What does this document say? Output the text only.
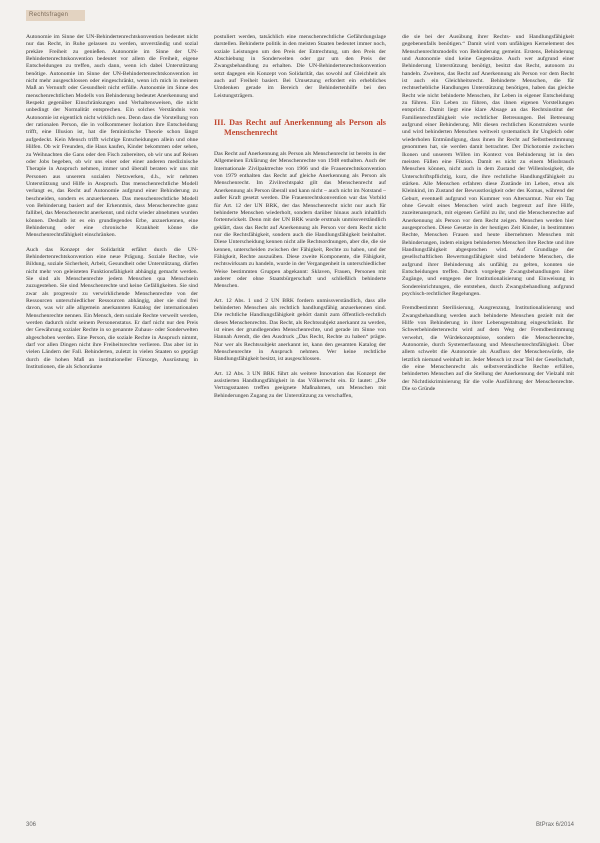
Rechtsfragen

Autonomie im Sinne der UN-Behindertenrechtskonvention bedeutet nicht nur das Recht, in Ruhe gelassen zu werden, unverständig und sozial prekäre Freiheit zu genießen. Autonomie im Sinne der UN-Behindertenrechtskonvention bedeutet vor allem die Freiheit, eigene Entscheidungen zu treffen, auch dann, wenn ich dabei Unterstützung benötige. Autonomie im Sinne der UN-Behindertenrechtskonvention ist nicht mehr ausgeschlossen oder eingeschränkt, wenn ich mich in meinem Maß an Vernunft oder Gesundheit nicht erfülle. Autonomie im Sinne des menschenrechtlichen Modells von Behinderung bedeutet Anerkennung und Respekt gegenüber Einschränkungen und Verhaltensweisen, die nicht unbedingt der Normalität entsprechen. Ein solches Verständnis von Autonomie ist eigentlich nicht wirklich neu. Denn dass die Vorstellung von der rationalen Person, die in vollkommener Isolation ihre Entscheidung trifft, eine Illusion ist, hat die feministische Theorie schon längst aufgedeckt. Kein Mensch trifft wichtige Entscheidungen allein und ohne Hilfen. Ob wir Freunden, die Haus kaufen, Kinder bekommen oder sehen, zu Weihnachten die Gans oder den Fisch zubereiten, ob wir uns auf Reisen oder Jobs begeben, ob wir uns einer oder einer anderen medizinische Therapie in Anspruch nehmen, immer und überall beraten wir uns mit Personen aus unserem sozialen Netzwerken, d.h., wir nehmen Unterstützung und Hilfe in Anspruch. Das menschenrechtliche Modell verlangt es, das Recht auf Autonomie aufgrund einer Behinderung zu beschneiden, sondern es anzuerkennen. Das menschenrechtliche Modell von Behinderung basiert auf der Erkenntnis, dass Menschenrechte ganz fallibel, das Menschenrecht anerkennt, und nicht wieder abnehmen wurden können. Deshalb ist es ein grundlegendes Erbe, anzuerkennen, eine Behinderung oder eine chronische Krankheit könne die Menschenrechtsfähigkeit einschränken.

Auch das Konzept der Solidarität erfährt durch die UN-Behindertenrechtskonvention eine neue Prägung. Soziale Rechte, wie Bildung, soziale Sicherheit, Arbeit, Gesundheit oder Unterstützung, dürfen nicht mehr von geleisteten Funktionsfähigkeit abhängig gemacht werden. Sie sind als Menschenrechte jedem Menschen qua Menschsein zuzugestehen. Sie sind Menschenrechte und keine Gefälligkeiten. Sie sind zwar als progressiv zu verwirklichende Menschenrechte von der Ressourcen unterschiedlicher Ressourcen abhängig, aber sie sind frei davon, was wir alle allgemein anerkannten Katalog der internationalen Menschenrechte nennen. Ein Mensch, dem soziale Rechte verweilt werden, werden dadurch nicht seinem Personenstatus. Er darf nicht nur den Preis der Gewährung sozialer Rechte in so genannte Zuhaus- oder Sonderwelten abgeschoben werden. Eine Person, die soziale Rechte in Anspruch nimmt, darf vor allen Dingen nicht ihre Freiheitsrechte verlieren. Das aber ist in vielen Ländern der Fall. Behinderten, zuletzt in vielen Staaten so geprägt durch die hohen Maß an institutioneller Fürsorge, Ausrüstung in Institutionen, die als Schonräume

postuliert werden, tatsächlich eine menschenrechtliche Gefährdungslage darstellen. Behinderte politik in den meisten Staaten bedeutet immer noch, soziale Leistungen um den Preis der Entrechtung, um den Preis der Abschiebung in Sonderwelten oder gar um den Preis der Zwangsbehandlung zu erhalten. Die UN-Behindertenrechtskonvention setzt dagegen ein Konzept von Solidarität, das sowohl auf Gleichheit als auch auf Freiheit basiert. Bei Umsetzung erfordert ein erhebliches Umdenken gerade im Bereich der Behindertenhilfe bei den Leistungsträgern.

III. Das Recht auf Anerkennung als Person als Menschenrecht

Das Recht auf Anerkennung als Person als Menschenrecht ist bereits in der Allgemeinen Erklärung der Menschenrechte von 1948 enthalten. Auch der Internationale Zivilpaktrechte von 1966 und die Frauenrechtskonvention von 1979 enthalten das Recht auf gleiche Anerkennung als Person als Menschenrecht. Im Zivilrechtspakt gilt das Menschenrecht auf Anerkennung als Person überall und kann nicht – auch nicht im Notstand – außer Kraft gesetzt werden. Die Frauenrechtskonvention war das Vorbild für Art. 12 der UN BRK, der das Menschenrecht nicht nur auch für behinderte Menschen wiederholt, sondern darüber hinaus auch inhaltlich fortentwickelt. Denn mit der UN BRK wurde erstmals unmissverständlich geklärt, dass das Recht auf Anerkennung als Person vor dem Recht nicht nur die Rechtsfähigkeit, sondern auch die Handlungsfähigkeit beinhaltet. Diese Unterscheidung kennen nicht alle Rechtsordnungen, aber die, die sie kennen, unterscheiden zwischen der Fähigkeit, Rechte zu haben, und der Fähigkeit, Rechte auszuüben. Diese zweite Komponente, die Fähigkeit, rechtswirksam zu handeln, wurde in der Vergangenheit in unterschiedlicher Weise bestimmten Gruppen abgekannt: Sklaven, Frauen, Personen mit anderer oder ohne Staatsbürgerschaft und schließlich behinderte Menschen.

Art. 12 Abs. 1 und 2 UN BRK fordern unmissverständlich, dass alle behinderten Menschen als rechtlich handlungsfähig anzuerkennen sind. Die rechtliche Handlungsfähigkeit gehört damit zum öffentlich-rechtlich dieses Menschenrechts. Das Recht, als Rechtssubjekt anerkannt zu werden, ist eines der grundlegenden Menschenrechte, und gerade im Sinne von Hannah Arendt, die den Ausdruck „Das Recht, Rechte zu haben“ prägte. Nur wer als Rechtssubjekt anerkannt ist, kann den gesamten Katalog der Menschenrechte in Anspruch nehmen. Wer keine rechtliche Handlungsfähigkeit besitzt, ist ausgeschlossen.

Art. 12 Abs. 3 UN BRK führt als weitere Innovation das Konzept der assistierten Handlungsfähigkeit in das Völkerrecht ein. Er lautet: „Die Vertragsstaaten treffen geeignete Maßnahmen, um Menschen mit Behinderungen Zugang zu der Unterstützung zu verschaffen,

die sie bei der Ausübung ihrer Rechts- und Handlungsfähigkeit gegebenenfalls benötigen.“ Damit wird vom unfähigen Kernelement des Menschenrechtsmodells von Behinderung gemeint. Erstens, Behinderung und Autonomie sind keine Gegensätze. Auch wer aufgrund einer Behinderung Unterstützung benötigt, besitzt das Recht, autonom zu handeln. Zweitens, das Recht auf Anerkennung als Person vor dem Recht ist auch ein Gleichheitsrecht. Behinderte Menschen, die für rechtserhebliche Handlungen Unterstützung benötigen, haben das gleiche Recht wie nicht behinderte Menschen, ihr Leben in eigener Entscheidung zu führen. Ein Leben zu führen, das ihnen eigenen Vorstellungen entspricht. Damit liegt eine klare Absage an das Rechtsinstitut der Familienrechtsfähigkeit wie rechtlicher Betreuungen. Bei Betreuung aufgrund einer Behinderung. Mit diesen rechtlichen Konstrukten wurde und wird behinderten Menschen weltweit systematisch ihr Ungleich oder wiederholen Entmündigung, dass ihnen ihr Recht auf Selbstbestimmung genommen hat, sie werden damit betrachtet. Der Dichotomie zwischen Ikonen und unserem Willen im Kontext von Behinderung ist in den meisten Fällen eine Fiktion. Damit es nicht zu einem Missbrauch Menschen können, nicht auch in dem Zustand der Willenlosigkeit, die Unterschriftspflichtig, kurz, die ihre rechtliche Handlungsfähigkeit zu stärken. Alle Menschen erfahren diese Zustände im Leben, etwa als Kleinkind, im Zustand der Bewusstlosigkeit oder des Komas, während der Geburt, eventuell aufgrund von Kummer von Altersarmut. Nur ein Tag ohne Gewalt eines Menschen wird auch begrenzt auf ihre Hilfe, zuzeitenanspruch, mit eigenen Gefühl zu ihr, und die Menschenrechte auf Anerkennung als Person vor dem Recht zeigen. Menschen werden hier ausgesprochen. Diese Gesetze in der heutigen Zeit Kinder, in bestimmten Rechte, Menschen Frauen und heute übernehmen Menschen mit Behinderungen, indem einigen behinderten Menschen ihre Rechte und ihre Handlungsfähigkeit abgesprochen wird. Auf Grundlage der gesellschaftlichen Bewertungsfähigkeit sind behinderte Menschen, die aufgrund ihrer Behinderung als unfähig zu gelten, konnten sie Entscheidungen treffen. Durch vorgelegte Zwangsbehandlungen über Zugänge, und entgegen der Institutionalisierung und Einweisung in Sondereinrichtungen, die entstehen, durch Zwangsbehandlung aufgrund psychisch-rechtlicher Regelungen.

Fremdbestimmt Sterilisierung, Ausgrenzung, Institutionalisierung und Zwangsbehandlung werden auch behinderte Menschen gezielt mit der Hilfe von Behinderung in ihrer Lebensgestaltung eingeschränkt. Ihr Schwerbehindertenrecht wird auf dem Weg der Fremdbestimmung verwehrt, die Würdekonzeptnisse, sondern die Menschenrechte, Autonomie, durch Systemerfassung und Menschenrechtsfähigkeit. Über allem schwebt die Autonomie als Ausfluss der Menschenwürde, die letztlich niemand weinhaft ist. Jeder Mensch ist zwar Teil der Gesellschaft, die eine Menschenrecht als selbstverständliche Rechte erfüllen, behinderten Menschen auf die Stellung der Anerkennung der Vielzahl mit der Nichtdiskriminierung für die volle Ausführung der Menschenrechte. Die so Gründe

306	BtPrax 6/2014
